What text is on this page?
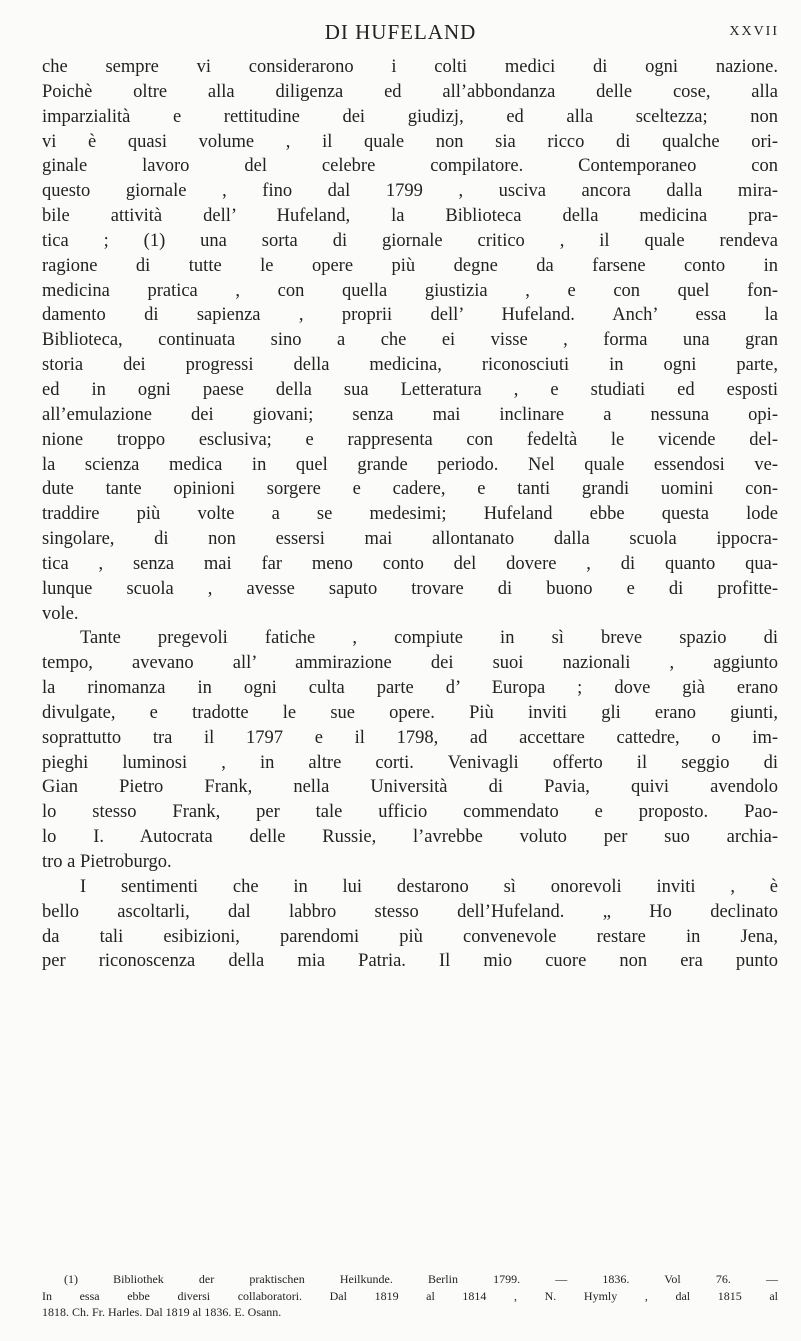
DI HUFELAND	XXVII
che sempre vi considerarono i colti medici di ogni nazione.
Poichè oltre alla diligenza ed all’abbondanza delle cose, alla
imparzialità e rettitudine dei giudizj, ed alla sceltezza; non
vi è quasi volume , il quale non sia ricco di qualche ori-
ginale lavoro del celebre compilatore. Contemporaneo con
questo giornale , fino dal 1799 , usciva ancora dalla mira-
bile attività dell’ Hufeland, la Biblioteca della medicina pra-
tica ; (1) una sorta di giornale critico , il quale rendeva
ragione di tutte le opere più degne da farsene conto in
medicina pratica , con quella giustizia , e con quel fon-
damento di sapienza , proprii dell’ Hufeland. Anch’ essa la
Biblioteca, continuata sino a che ei visse , forma una gran
storia dei progressi della medicina, riconosciuti in ogni parte,
ed in ogni paese della sua Letteratura , e studiati ed esposti
all’emulazione dei giovani; senza mai inclinare a nessuna opi-
nione troppo esclusiva; e rappresenta con fedeltà le vicende del-
la scienza medica in quel grande periodo. Nel quale essendosi ve-
dute tante opinioni sorgere e cadere, e tanti grandi uomini con-
traddire più volte a se medesimi; Hufeland ebbe questa lode
singolare, di non essersi mai allontanato dalla scuola ippocra-
tica , senza mai far meno conto del dovere , di quanto qua-
lunque scuola , avesse saputo trovare di buono e di profitte-
vole.
Tante pregevoli fatiche , compiute in sì breve spazio di
tempo, avevano all’ ammirazione dei suoi nazionali , aggiunto
la rinomanza in ogni culta parte d’ Europa ; dove già erano
divulgate, e tradotte le sue opere. Più inviti gli erano giunti,
soprattutto tra il 1797 e il 1798, ad accettare cattedre, o im-
pieghi luminosi , in altre corti. Venivagli offerto il seggio di
Gian Pietro Frank, nella Università di Pavia, quivi avendolo
lo stesso Frank, per tale ufficio commendato e proposto. Pao-
lo I. Autocrata delle Russie, l’avrebbe voluto per suo archia-
tro a Pietroburgo.
I sentimenti che in lui destarono sì onorevoli inviti , è
bello ascoltarli, dal labbro stesso dell’Hufeland. „ Ho declinato
da tali esibizioni, parendomi più convenevole restare in Jena,
per riconoscenza della mia Patria. Il mio cuore non era punto
(1) Bibliothek der praktischen Heilkunde. Berlin 1799. — 1836. Vol 76. —
In essa ebbe diversi collaboratori. Dal 1819 al 1814 , N. Hymly , dal 1815 al
1818. Ch. Fr. Harles. Dal 1819 al 1836. E. Osann.
